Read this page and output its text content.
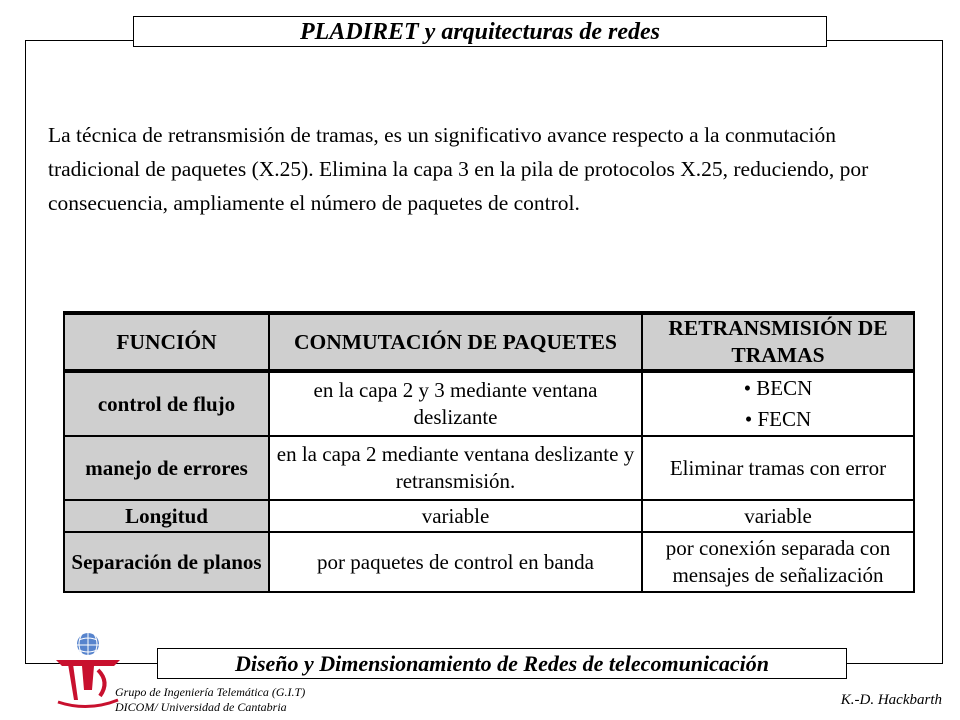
PLADIRET y arquitecturas de redes
La técnica de retransmisión de tramas, es un significativo avance respecto a la conmutación tradicional de paquetes (X.25). Elimina la capa 3 en la pila de protocolos X.25, reduciendo, por consecuencia, ampliamente el número de paquetes de control.
FUNCIÓN	CONMUTACIÓN DE PAQUETES	RETRANSMISIÓN DE TRAMAS
control de flujo	en la capa 2 y 3 mediante ventana deslizante	• BECN
• FECN

manejo de errores	en la capa 2 mediante ventana deslizante y retransmisión.	Eliminar tramas con error
Longitud	variable	variable
Separación de planos	por paquetes de control en banda	por conexión separada con mensajes de señalización
Diseño y Dimensionamiento de Redes de telecomunicación
Grupo de Ingeniería Telemática (G.I.T)
DICOM/ Universidad de Cantabria	K.-D. Hackbarth
